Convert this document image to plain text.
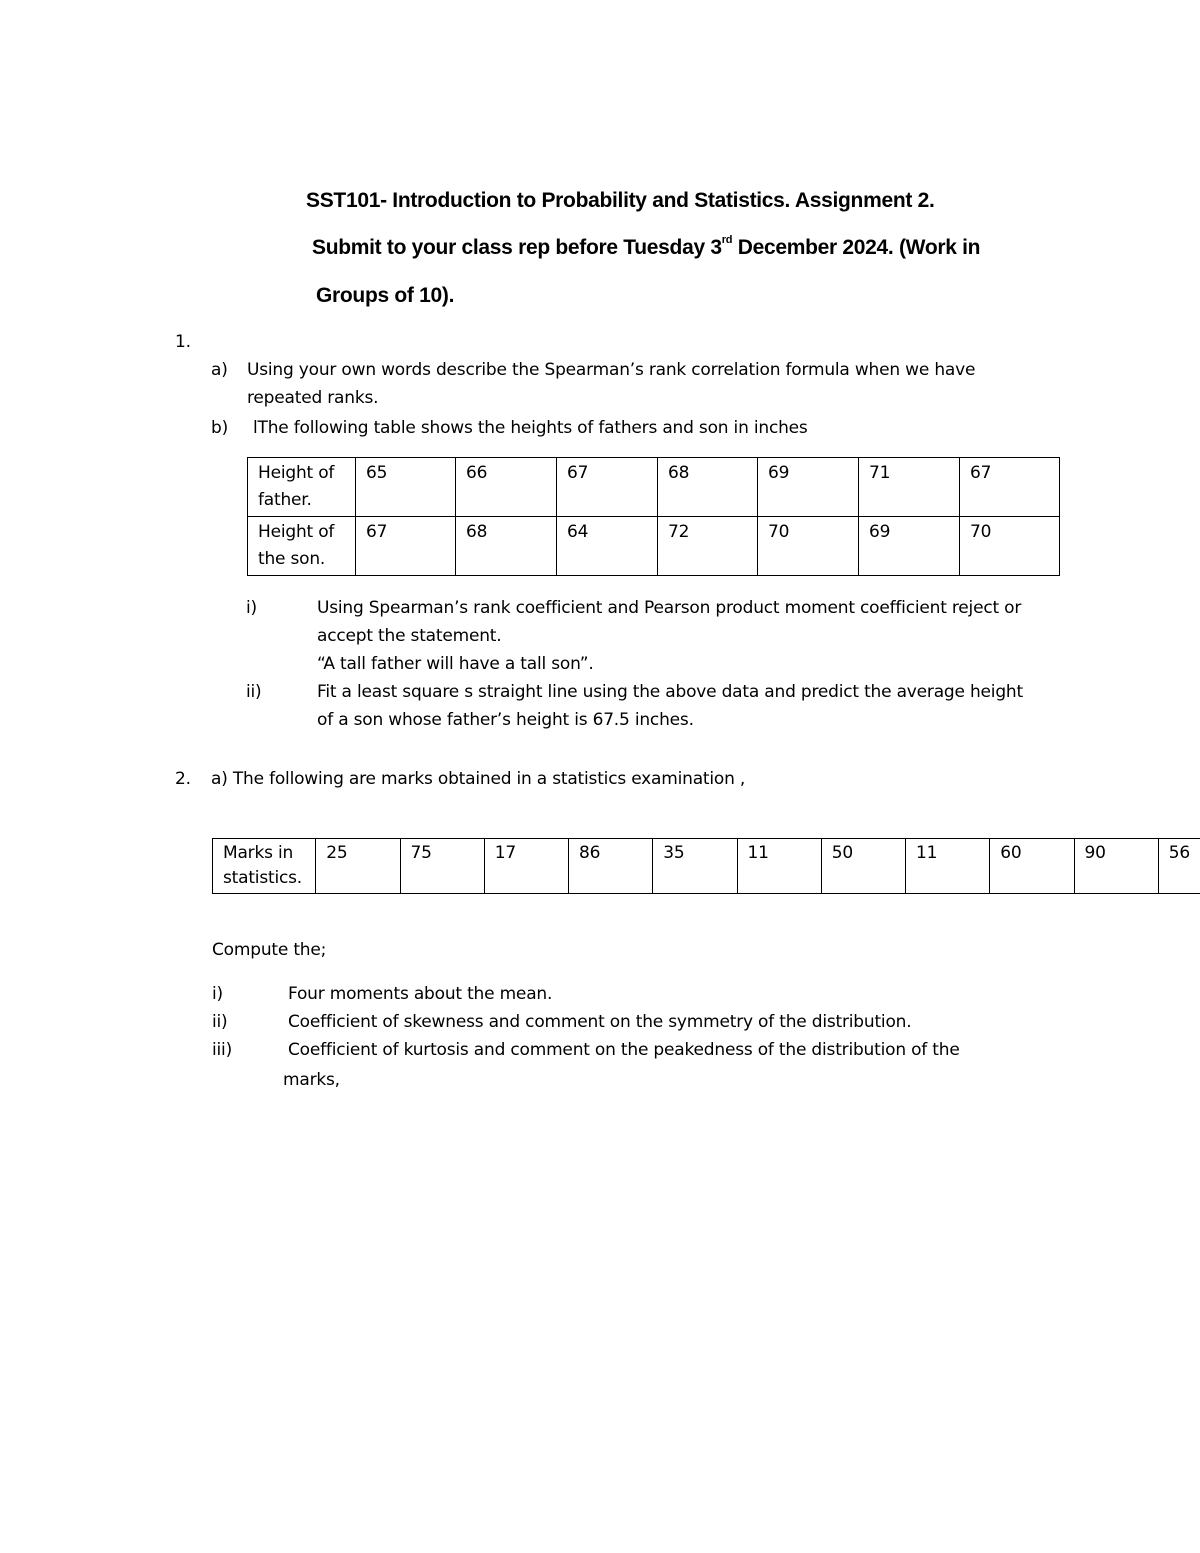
SST101- Introduction to Probability and Statistics. Assignment 2.
Submit to your class rep before Tuesday 3rd December 2024. (Work in
Groups of 10).
1.
a) Using your own words describe the Spearman’s rank correlation formula when we have
repeated ranks.
b) lThe following table shows the heights of fathers and son in inches
Height of father.	65	66	67	68	69	71	67
Height of the son.	67	68	64	72	70	69	70
i)	Using Spearman’s rank coefficient and Pearson product moment coefficient reject or
accept the statement.
“A tall father will have a tall son”.
ii)	Fit a least square s straight line using the above data and predict the average height
of a son whose father’s height is 67.5 inches.
2. a) The following are marks obtained in a statistics examination ,
Marks in statistics.	25	75	17	86	35	11	50	11	60	90	56
Compute the;
i)	Four moments about the mean.
ii)	Coefficient of skewness and comment on the symmetry of the distribution.
iii)	Coefficient of kurtosis and comment on the peakedness of the distribution of the
marks,
